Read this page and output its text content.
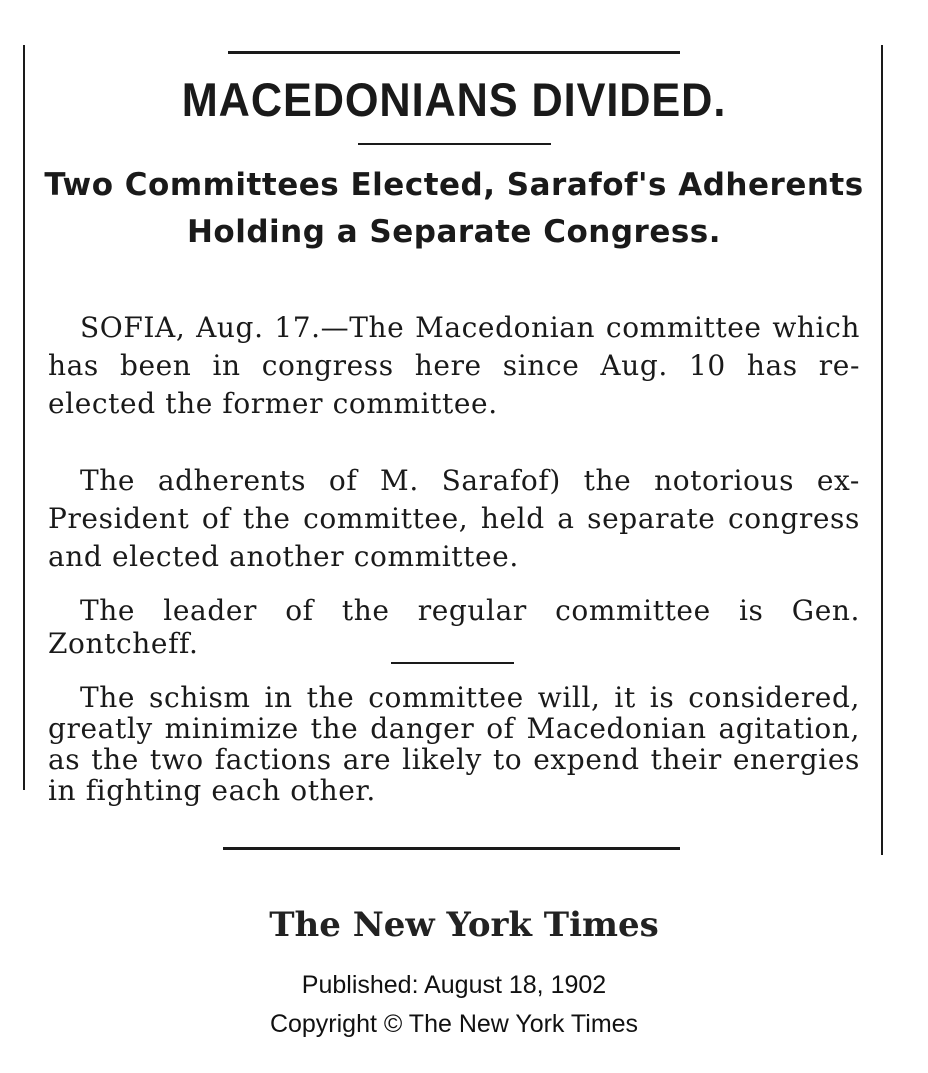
MACEDONIANS DIVIDED.
Two Committees Elected, Sarafof's Adherents Holding a Separate Congress.
SOFIA, Aug. 17.—The Macedonian committee which has been in congress here since Aug. 10 has re-elected the former committee.
The adherents of M. Sarafof) the notorious ex-President of the committee, held a separate congress and elected another committee.
The leader of the regular committee is Gen. Zontcheff.
The schism in the committee will, it is considered, greatly minimize the danger of Macedonian agitation, as the two factions are likely to expend their energies in fighting each other.
The New York Times
Published: August 18, 1902
Copyright © The New York Times
